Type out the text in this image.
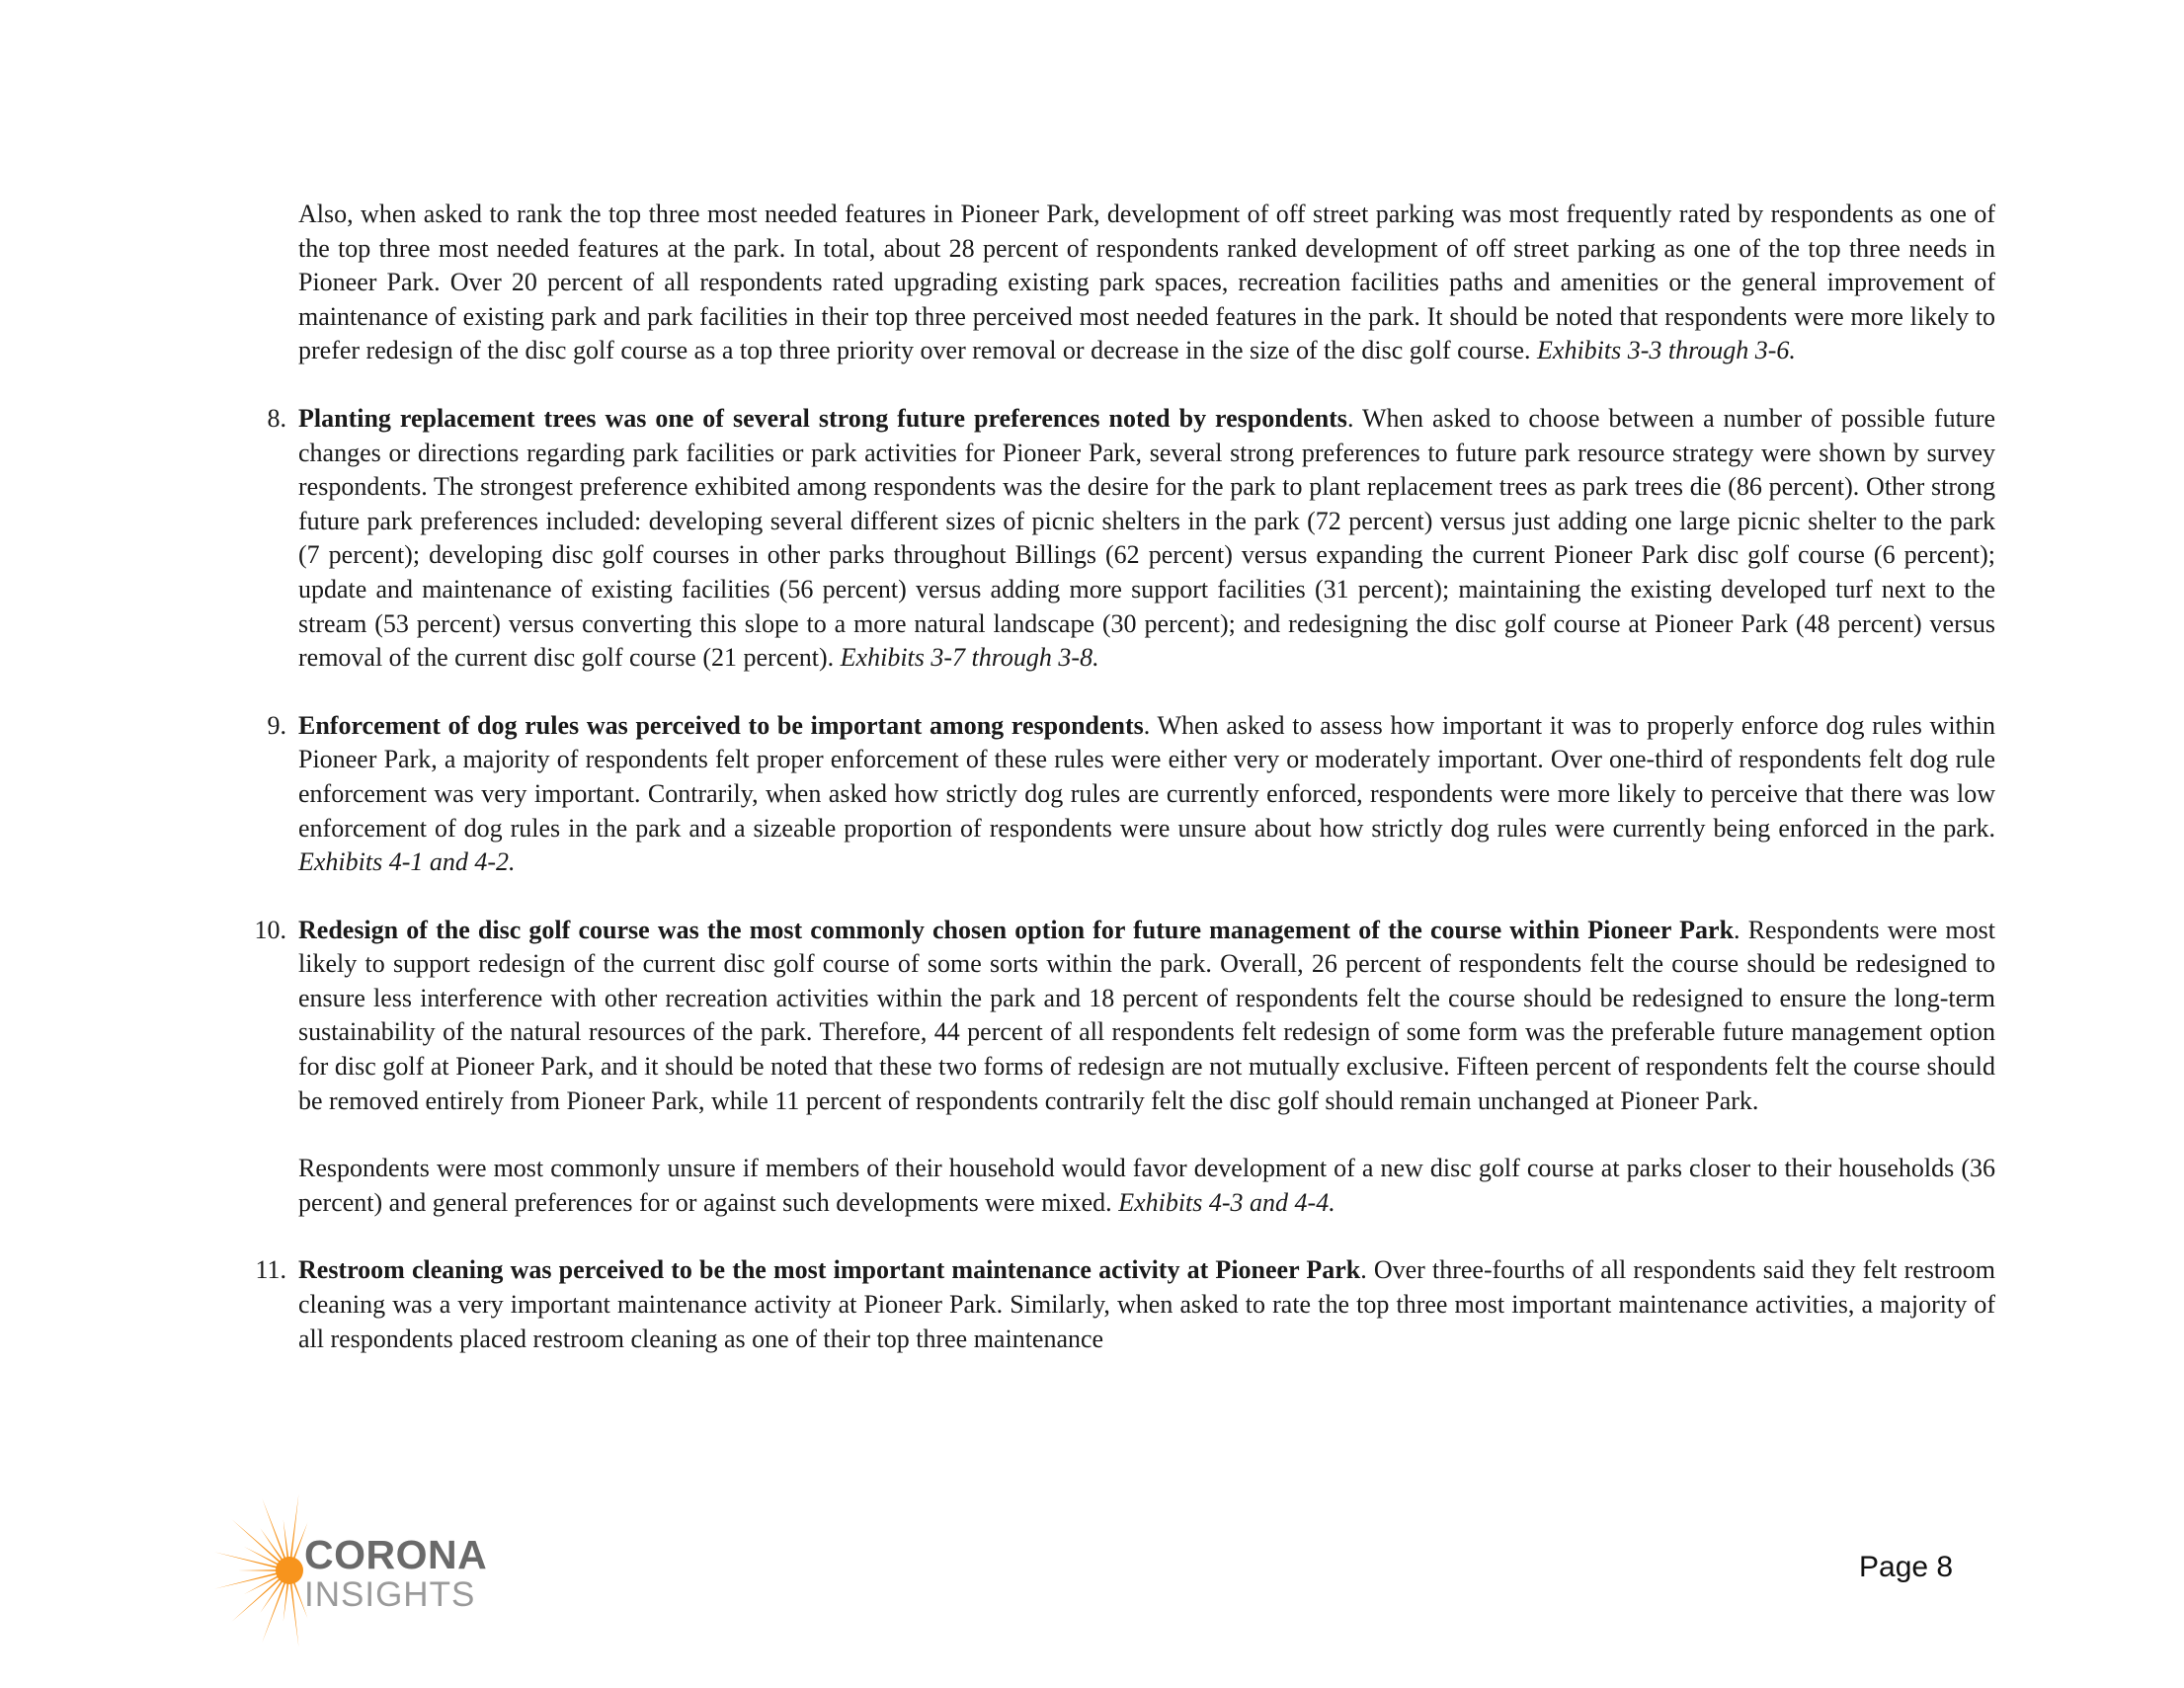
Also, when asked to rank the top three most needed features in Pioneer Park, development of off street parking was most frequently rated by respondents as one of the top three most needed features at the park. In total, about 28 percent of respondents ranked development of off street parking as one of the top three needs in Pioneer Park. Over 20 percent of all respondents rated upgrading existing park spaces, recreation facilities paths and amenities or the general improvement of maintenance of existing park and park facilities in their top three perceived most needed features in the park. It should be noted that respondents were more likely to prefer redesign of the disc golf course as a top three priority over removal or decrease in the size of the disc golf course. Exhibits 3-3 through 3-6.

8. Planting replacement trees was one of several strong future preferences noted by respondents. When asked to choose between a number of possible future changes or directions regarding park facilities or park activities for Pioneer Park, several strong preferences to future park resource strategy were shown by survey respondents. The strongest preference exhibited among respondents was the desire for the park to plant replacement trees as park trees die (86 percent). Other strong future park preferences included: developing several different sizes of picnic shelters in the park (72 percent) versus just adding one large picnic shelter to the park (7 percent); developing disc golf courses in other parks throughout Billings (62 percent) versus expanding the current Pioneer Park disc golf course (6 percent); update and maintenance of existing facilities (56 percent) versus adding more support facilities (31 percent); maintaining the existing developed turf next to the stream (53 percent) versus converting this slope to a more natural landscape (30 percent); and redesigning the disc golf course at Pioneer Park (48 percent) versus removal of the current disc golf course (21 percent). Exhibits 3-7 through 3-8.
9. Enforcement of dog rules was perceived to be important among respondents. When asked to assess how important it was to properly enforce dog rules within Pioneer Park, a majority of respondents felt proper enforcement of these rules were either very or moderately important. Over one-third of respondents felt dog rule enforcement was very important. Contrarily, when asked how strictly dog rules are currently enforced, respondents were more likely to perceive that there was low enforcement of dog rules in the park and a sizeable proportion of respondents were unsure about how strictly dog rules were currently being enforced in the park. Exhibits 4-1 and 4-2.
10. Redesign of the disc golf course was the most commonly chosen option for future management of the course within Pioneer Park. Respondents were most likely to support redesign of the current disc golf course of some sorts within the park. Overall, 26 percent of respondents felt the course should be redesigned to ensure less interference with other recreation activities within the park and 18 percent of respondents felt the course should be redesigned to ensure the long-term sustainability of the natural resources of the park. Therefore, 44 percent of all respondents felt redesign of some form was the preferable future management option for disc golf at Pioneer Park, and it should be noted that these two forms of redesign are not mutually exclusive. Fifteen percent of respondents felt the course should be removed entirely from Pioneer Park, while 11 percent of respondents contrarily felt the disc golf should remain unchanged at Pioneer Park.

Respondents were most commonly unsure if members of their household would favor development of a new disc golf course at parks closer to their households (36 percent) and general preferences for or against such developments were mixed. Exhibits 4-3 and 4-4.

11. Restroom cleaning was perceived to be the most important maintenance activity at Pioneer Park. Over three-fourths of all respondents said they felt restroom cleaning was a very important maintenance activity at Pioneer Park. Similarly, when asked to rate the top three most important maintenance activities, a majority of all respondents placed restroom cleaning as one of their top three maintenance
CORONA
INSIGHTS
Page 8
